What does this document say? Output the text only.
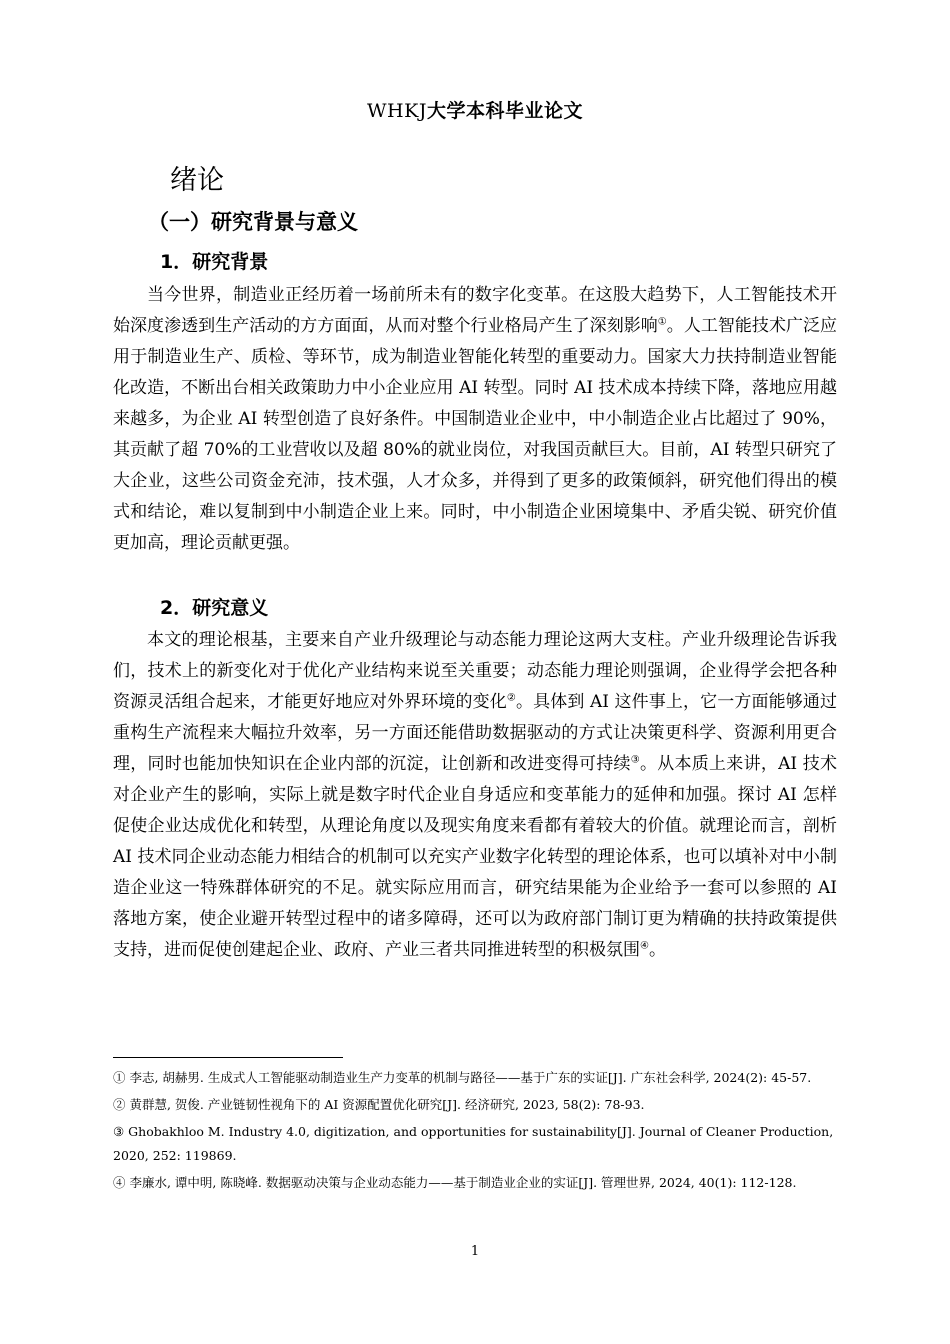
WHKJ大学本科毕业论文
绪论
（一）研究背景与意义
1．研究背景

当今世界，制造业正经历着一场前所未有的数字化变革。在这股大趋势下，人工智能技术开始深度渗透到生产活动的方方面面，从而对整个行业格局产生了深刻影响①。人工智能技术广泛应用于制造业生产、质检、等环节，成为制造业智能化转型的重要动力。国家大力扶持制造业智能化改造，不断出台相关政策助力中小企业应用 AI 转型。同时 AI 技术成本持续下降，落地应用越来越多，为企业 AI 转型创造了良好条件。中国制造业企业中，中小制造企业占比超过了 90%，其贡献了超 70%的工业营收以及超 80%的就业岗位，对我国贡献巨大。目前，AI 转型只研究了大企业，这些公司资金充沛，技术强，人才众多，并得到了更多的政策倾斜，研究他们得出的模式和结论，难以复制到中小制造企业上来。同时，中小制造企业困境集中、矛盾尖锐、研究价值更加高，理论贡献更强。

2．研究意义

本文的理论根基，主要来自产业升级理论与动态能力理论这两大支柱。产业升级理论告诉我们，技术上的新变化对于优化产业结构来说至关重要；动态能力理论则强调，企业得学会把各种资源灵活组合起来，才能更好地应对外界环境的变化②。具体到 AI 这件事上，它一方面能够通过重构生产流程来大幅拉升效率，另一方面还能借助数据驱动的方式让决策更科学、资源利用更合理，同时也能加快知识在企业内部的沉淀，让创新和改进变得可持续③。从本质上来讲，AI 技术对企业产生的影响，实际上就是数字时代企业自身适应和变革能力的延伸和加强。探讨 AI 怎样促使企业达成优化和转型，从理论角度以及现实角度来看都有着较大的价值。就理论而言，剖析 AI 技术同企业动态能力相结合的机制可以充实产业数字化转型的理论体系，也可以填补对中小制造企业这一特殊群体研究的不足。就实际应用而言，研究结果能为企业给予一套可以参照的 AI 落地方案，使企业避开转型过程中的诸多障碍，还可以为政府部门制订更为精确的扶持政策提供支持，进而促使创建起企业、政府、产业三者共同推进转型的积极氛围④。

① 李志, 胡赫男. 生成式人工智能驱动制造业生产力变革的机制与路径——基于广东的实证[J]. 广东社会科学, 2024(2): 45-57.

② 黄群慧, 贺俊. 产业链韧性视角下的 AI 资源配置优化研究[J]. 经济研究, 2023, 58(2): 78-93.

③ Ghobakhloo M. Industry 4.0, digitization, and opportunities for sustainability[J]. Journal of Cleaner Production, 2020, 252: 119869.

④ 李廉水, 谭中明, 陈晓峰. 数据驱动决策与企业动态能力——基于制造业企业的实证[J]. 管理世界, 2024, 40(1): 112-128.

1
